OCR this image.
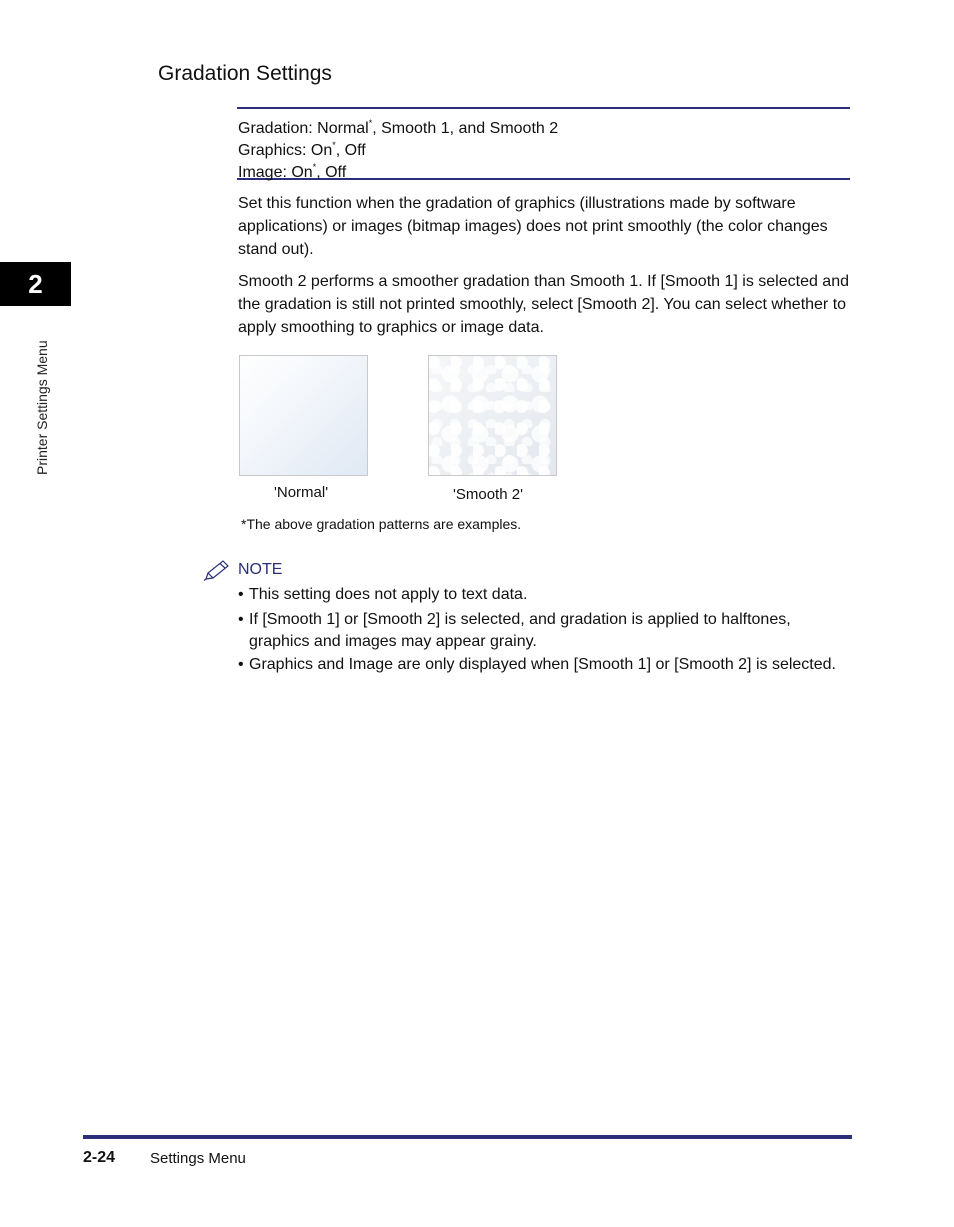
Gradation Settings
Gradation: Normal*, Smooth 1, and Smooth 2
Graphics: On*, Off
Image: On*, Off
Set this function when the gradation of graphics (illustrations made by software applications) or images (bitmap images) does not print smoothly (the color changes stand out).
Smooth 2 performs a smoother gradation than Smooth 1. If [Smooth 1] is selected and the gradation is still not printed smoothly, select [Smooth 2]. You can select whether to apply smoothing to graphics or image data.
2
Printer Settings Menu
'Normal'	'Smooth 2'
*The above gradation patterns are examples.
NOTE
• This setting does not apply to text data.
• If [Smooth 1] or [Smooth 2] is selected, and gradation is applied to halftones, graphics and images may appear grainy.
• Graphics and Image are only displayed when [Smooth 1] or [Smooth 2] is selected.
2-24 Settings Menu
